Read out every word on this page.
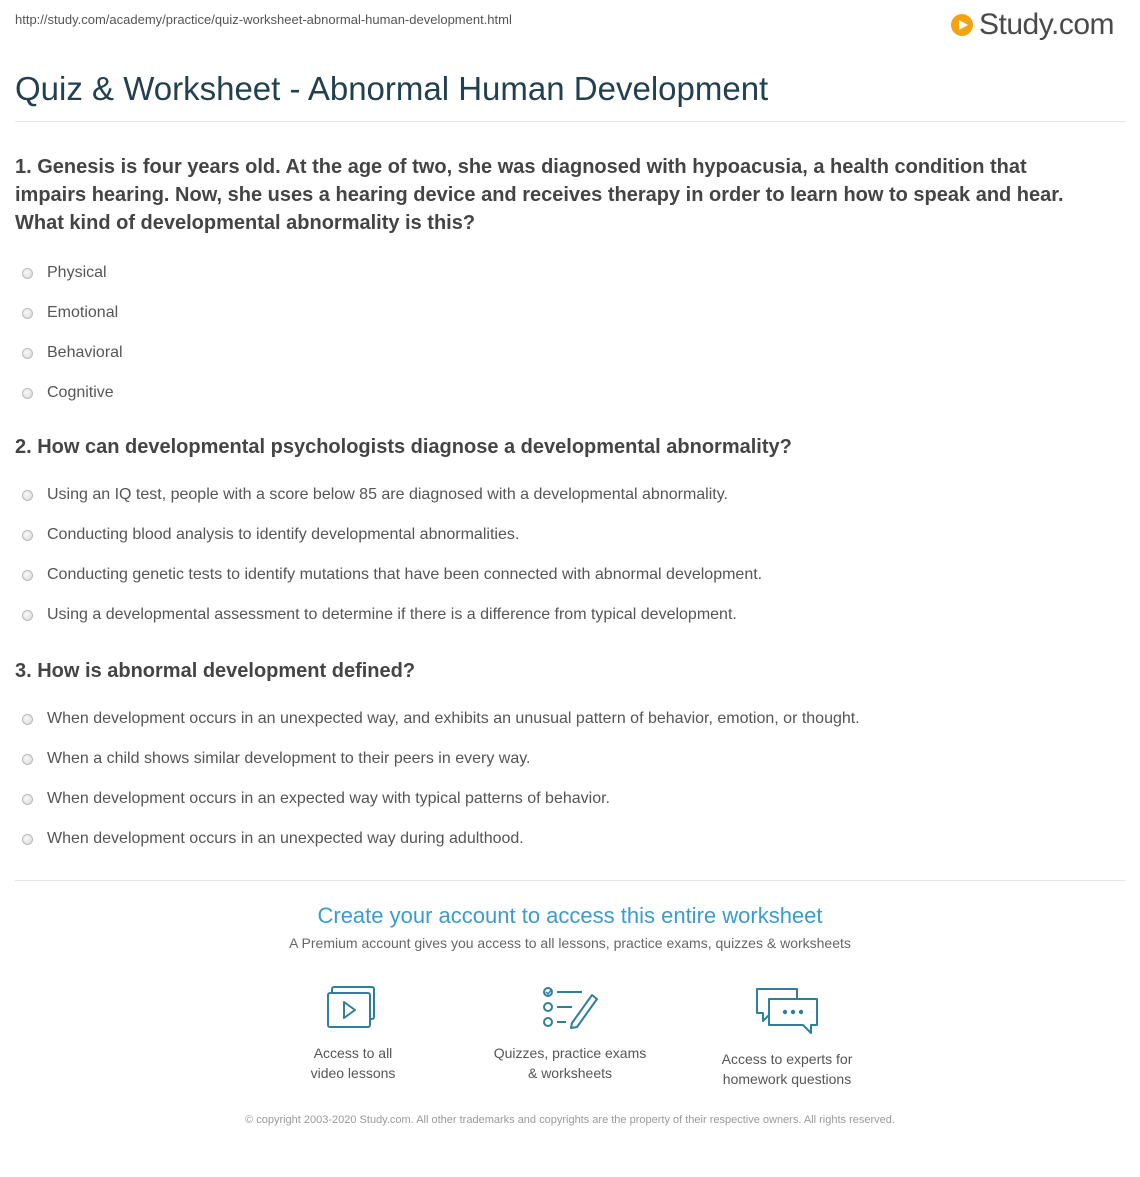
http://study.com/academy/practice/quiz-worksheet-abnormal-human-development.html	Study.com
Quiz & Worksheet - Abnormal Human Development

1. Genesis is four years old. At the age of two, she was diagnosed with hypoacusia, a health condition that impairs hearing. Now, she uses a hearing device and receives therapy in order to learn how to speak and hear. What kind of developmental abnormality is this?

Physical
Emotional
Behavioral
Cognitive

2. How can developmental psychologists diagnose a developmental abnormality?

Using an IQ test, people with a score below 85 are diagnosed with a developmental abnormality.
Conducting blood analysis to identify developmental abnormalities.
Conducting genetic tests to identify mutations that have been connected with abnormal development.
Using a developmental assessment to determine if there is a difference from typical development.

3. How is abnormal development defined?

When development occurs in an unexpected way, and exhibits an unusual pattern of behavior, emotion, or thought.
When a child shows similar development to their peers in every way.
When development occurs in an expected way with typical patterns of behavior.
When development occurs in an unexpected way during adulthood.
Create your account to access this entire worksheet
A Premium account gives you access to all lessons, practice exams, quizzes & worksheets
Access to all
video lessons
Quizzes, practice exams
& worksheets
Access to experts for
homework questions
© copyright 2003-2020 Study.com. All other trademarks and copyrights are the property of their respective owners. All rights reserved.
